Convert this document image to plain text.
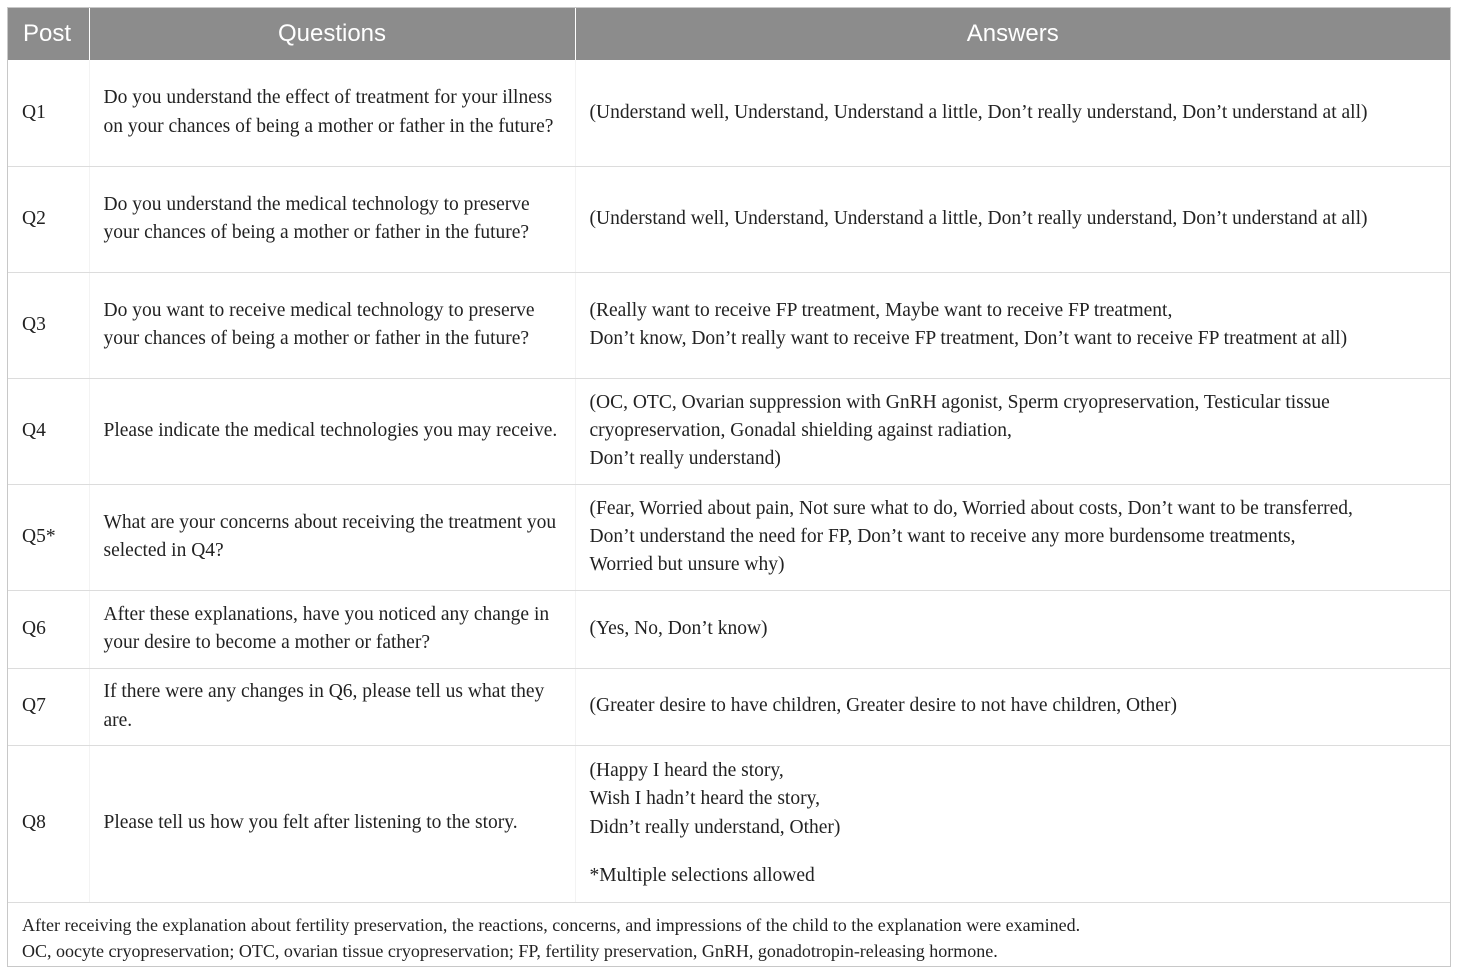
Post	Questions	Answers
Q1	Do you understand the effect of treatment for your illness on your chances of being a mother or father in the future?	(Understand well, Understand, Understand a little, Don’t really understand, Don’t understand at all)

Q2	Do you understand the medical technology to preserve your chances of being a mother or father in the future?	(Understand well, Understand, Understand a little, Don’t really understand, Don’t understand at all)

Q3	Do you want to receive medical technology to preserve your chances of being a mother or father in the future?	(Really want to receive FP treatment, Maybe want to receive FP treatment,
Don’t know, Don’t really want to receive FP treatment, Don’t want to receive FP treatment at all)

Q4	Please indicate the medical technologies you may receive.	(OC, OTC, Ovarian suppression with GnRH agonist, Sperm cryopreservation, Testicular tissue cryopreservation, Gonadal shielding against radiation,
Don’t really understand)

Q5*	What are your concerns about receiving the treatment you selected in Q4?	(Fear, Worried about pain, Not sure what to do, Worried about costs, Don’t want to be transferred,
Don’t understand the need for FP, Don’t want to receive any more burdensome treatments,
Worried but unsure why)

Q6	After these explanations, have you noticed any change in your desire to become a mother or father?	(Yes, No, Don’t know)

Q7	If there were any changes in Q6, please tell us what they are.	(Greater desire to have children, Greater desire to not have children, Other)

Q8	Please tell us how you felt after listening to the story.	(Happy I heard the story,
Wish I hadn’t heard the story,
Didn’t really understand, Other)
*Multiple selections allowed
After receiving the explanation about fertility preservation, the reactions, concerns, and impressions of the child to the explanation were examined.
OC, oocyte cryopreservation; OTC, ovarian tissue cryopreservation; FP, fertility preservation, GnRH, gonadotropin-releasing hormone.
